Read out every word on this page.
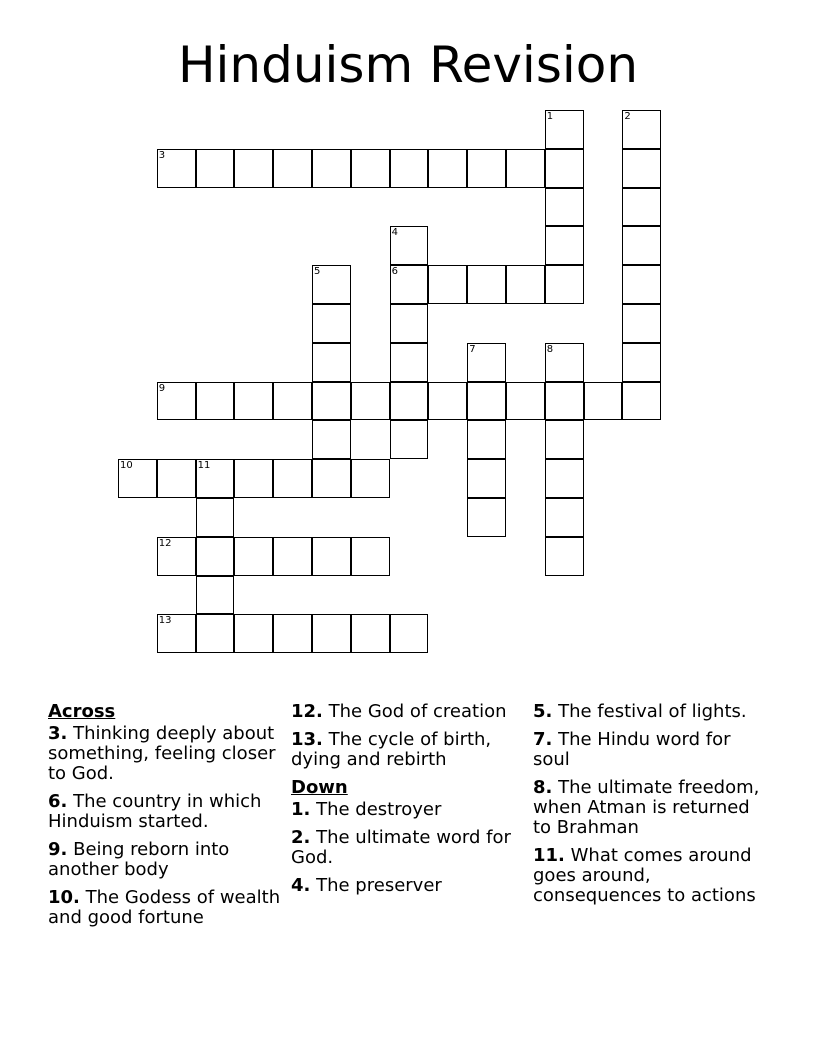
Hinduism Revision
1	2
3
4
5	6
7	8
9
10	11
12
13
Across
3. Thinking deeply about something, feeling closer to God.
6. The country in which Hinduism started.
9. Being reborn into another body
10. The Godess of wealth and good fortune
12. The God of creation
13. The cycle of birth, dying and rebirth
Down
1. The destroyer
2. The ultimate word for God.
4. The preserver
5. The festival of lights.
7. The Hindu word for soul
8. The ultimate freedom, when Atman is returned to Brahman
11. What comes around goes around, consequences to actions
